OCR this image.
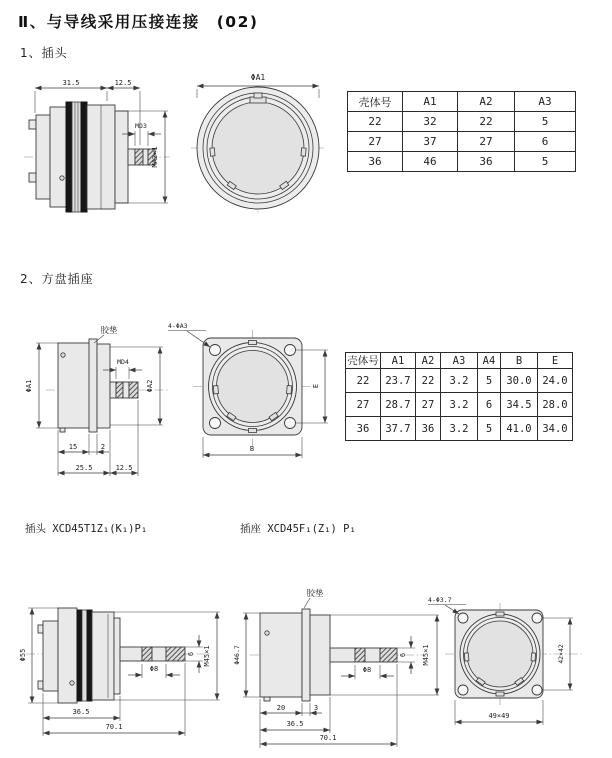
Ⅱ、与导线采用压接连接　(02)
1、插头
31.5	12.5
MD3
MA2×1
ΦA1
壳体号	A1	A2	A3
22	32	22	5
27	37	27	6
36	46	36	5
2、方盘插座
胶垫
ΦA1	ΦA2
MD4
15	2
25.5	12.5
4-ΦA3
E
B
壳体号	A1	A2	A3	A4	B	E
22	23.7	22	3.2	5	30.0	24.0
27	28.7	27	3.2	6	34.5	28.0
36	37.7	36	3.2	5	41.0	34.0
插头 XCD45T1Z₁(K₁)P₁	插座 XCD45F₁(Z₁) P₁
Φ55
Φ8
6 M45×1
36.5
70.1
胶垫
Φ46.7
Φ8
6 M45×1
20	3
36.5
70.1
4-Φ3.7
42×42
49×49
